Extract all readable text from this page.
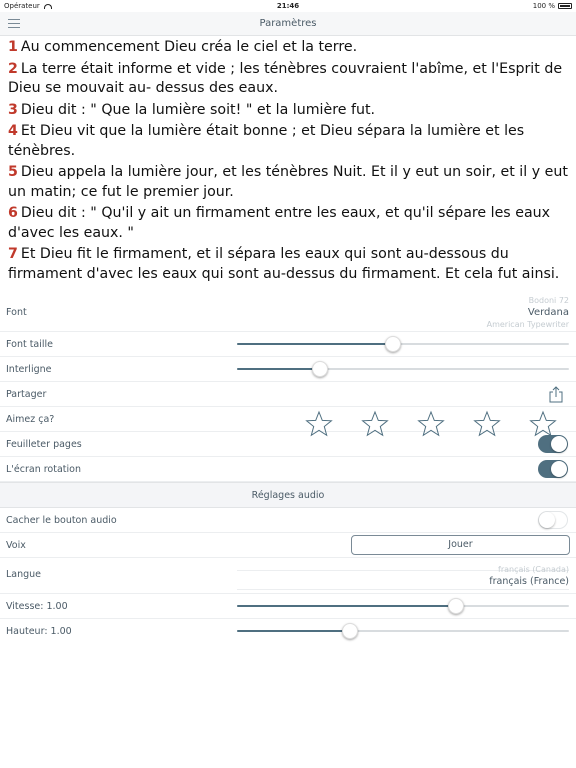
Opérateur	21:46	100 %
Paramètres
1 Au commencement Dieu créa le ciel et la terre.
2 La terre était informe et vide ; les ténèbres couvraient l'abîme, et l'Esprit de Dieu se mouvait au- dessus des eaux.
3 Dieu dit : " Que la lumière soit! " et la lumière fut.
4 Et Dieu vit que la lumière était bonne ; et Dieu sépara la lumière et les ténèbres.
5 Dieu appela la lumière jour, et les ténèbres Nuit. Et il y eut un soir, et il y eut un matin; ce fut le premier jour.
6 Dieu dit : " Qu'il y ait un firmament entre les eaux, et qu'il sépare les eaux d'avec les eaux. "
7 Et Dieu fit le firmament, et il sépara les eaux qui sont au-dessous du firmament d'avec les eaux qui sont au-dessus du firmament. Et cela fut ainsi.
Font
Bodoni 72
Verdana
American Typewriter
Font taille
Interligne
Partager
Aimez ça?
Feuilleter pages
L'écran rotation
Réglages audio
Cacher le bouton audio
Voix	Jouer
Langue	français (Canada)
français (France)
Vitesse: 1.00
Hauteur: 1.00
